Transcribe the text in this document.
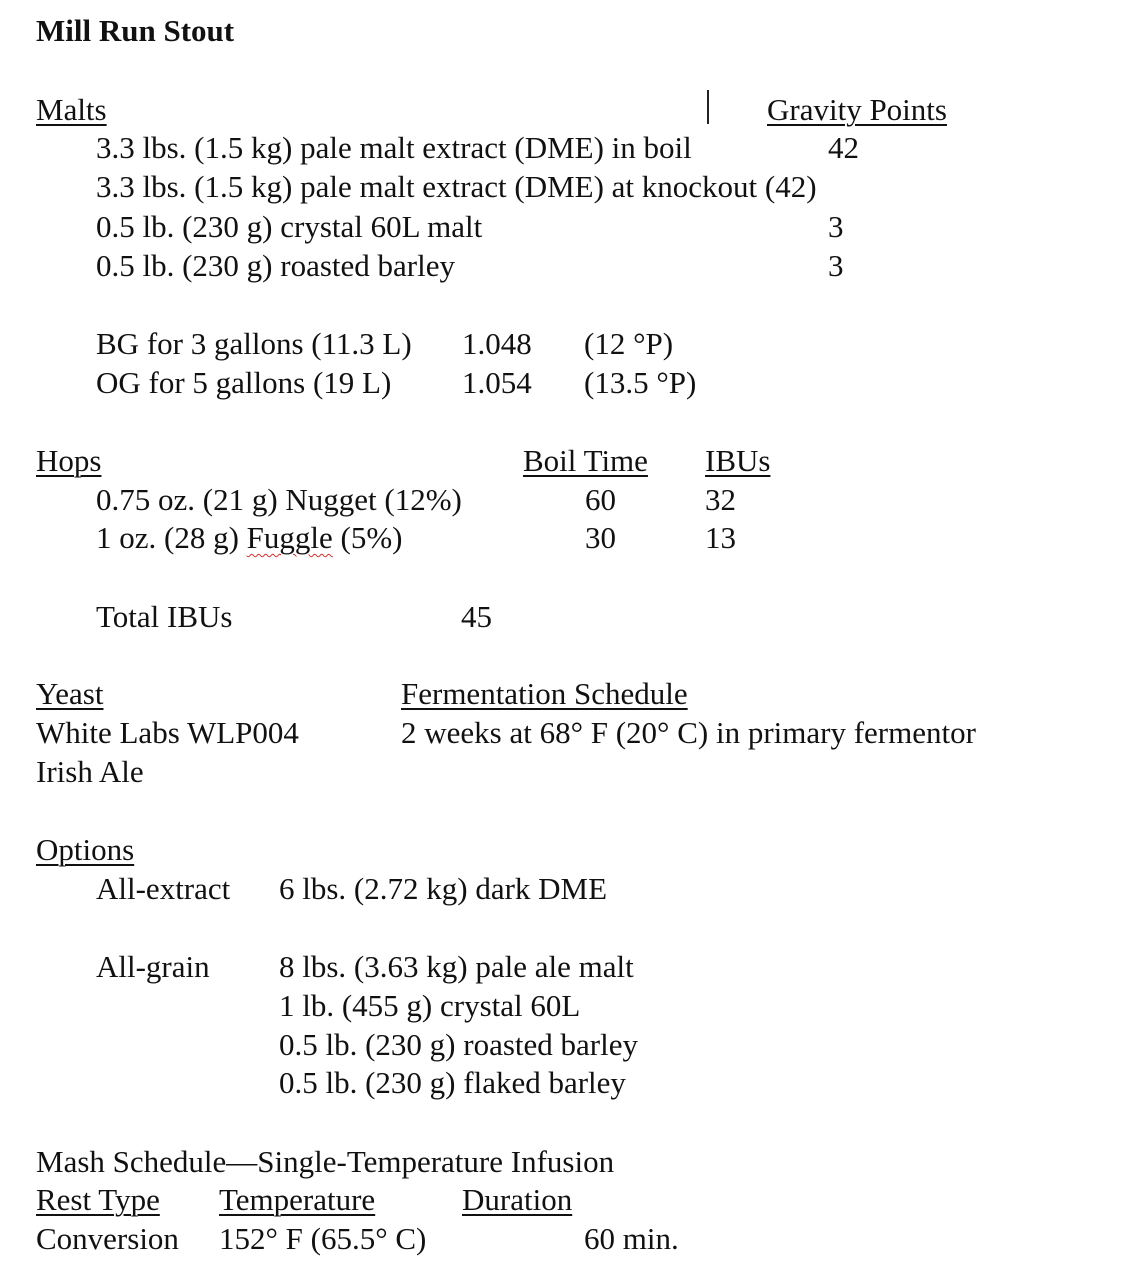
Mill Run Stout
Malts	Gravity Points
3.3 lbs. (1.5 kg) pale malt extract (DME) in boil	42
3.3 lbs. (1.5 kg) pale malt extract (DME) at knockout (42)
0.5 lb. (230 g) crystal 60L malt	3
0.5 lb. (230 g) roasted barley	3
BG for 3 gallons (11.3 L) 1.048 (12 °P)
OG for 5 gallons (19 L) 1.054 (13.5 °P)
Hops	Boil Time IBUs
0.75 oz. (21 g) Nugget (12%)	60	32
1 oz. (28 g) Fuggle (5%)	30	13
Total IBUs	45
Yeast	Fermentation Schedule
White Labs WLP004	2 weeks at 68° F (20° C) in primary fermentor
Irish Ale
Options
All-extract 6 lbs. (2.72 kg) dark DME
All-grain 8 lbs. (3.63 kg) pale ale malt
1 lb. (455 g) crystal 60L
0.5 lb. (230 g) roasted barley
0.5 lb. (230 g) flaked barley
Mash Schedule—Single-Temperature Infusion
Rest Type Temperature	Duration
Conversion 152° F (65.5° C)	60 min.
